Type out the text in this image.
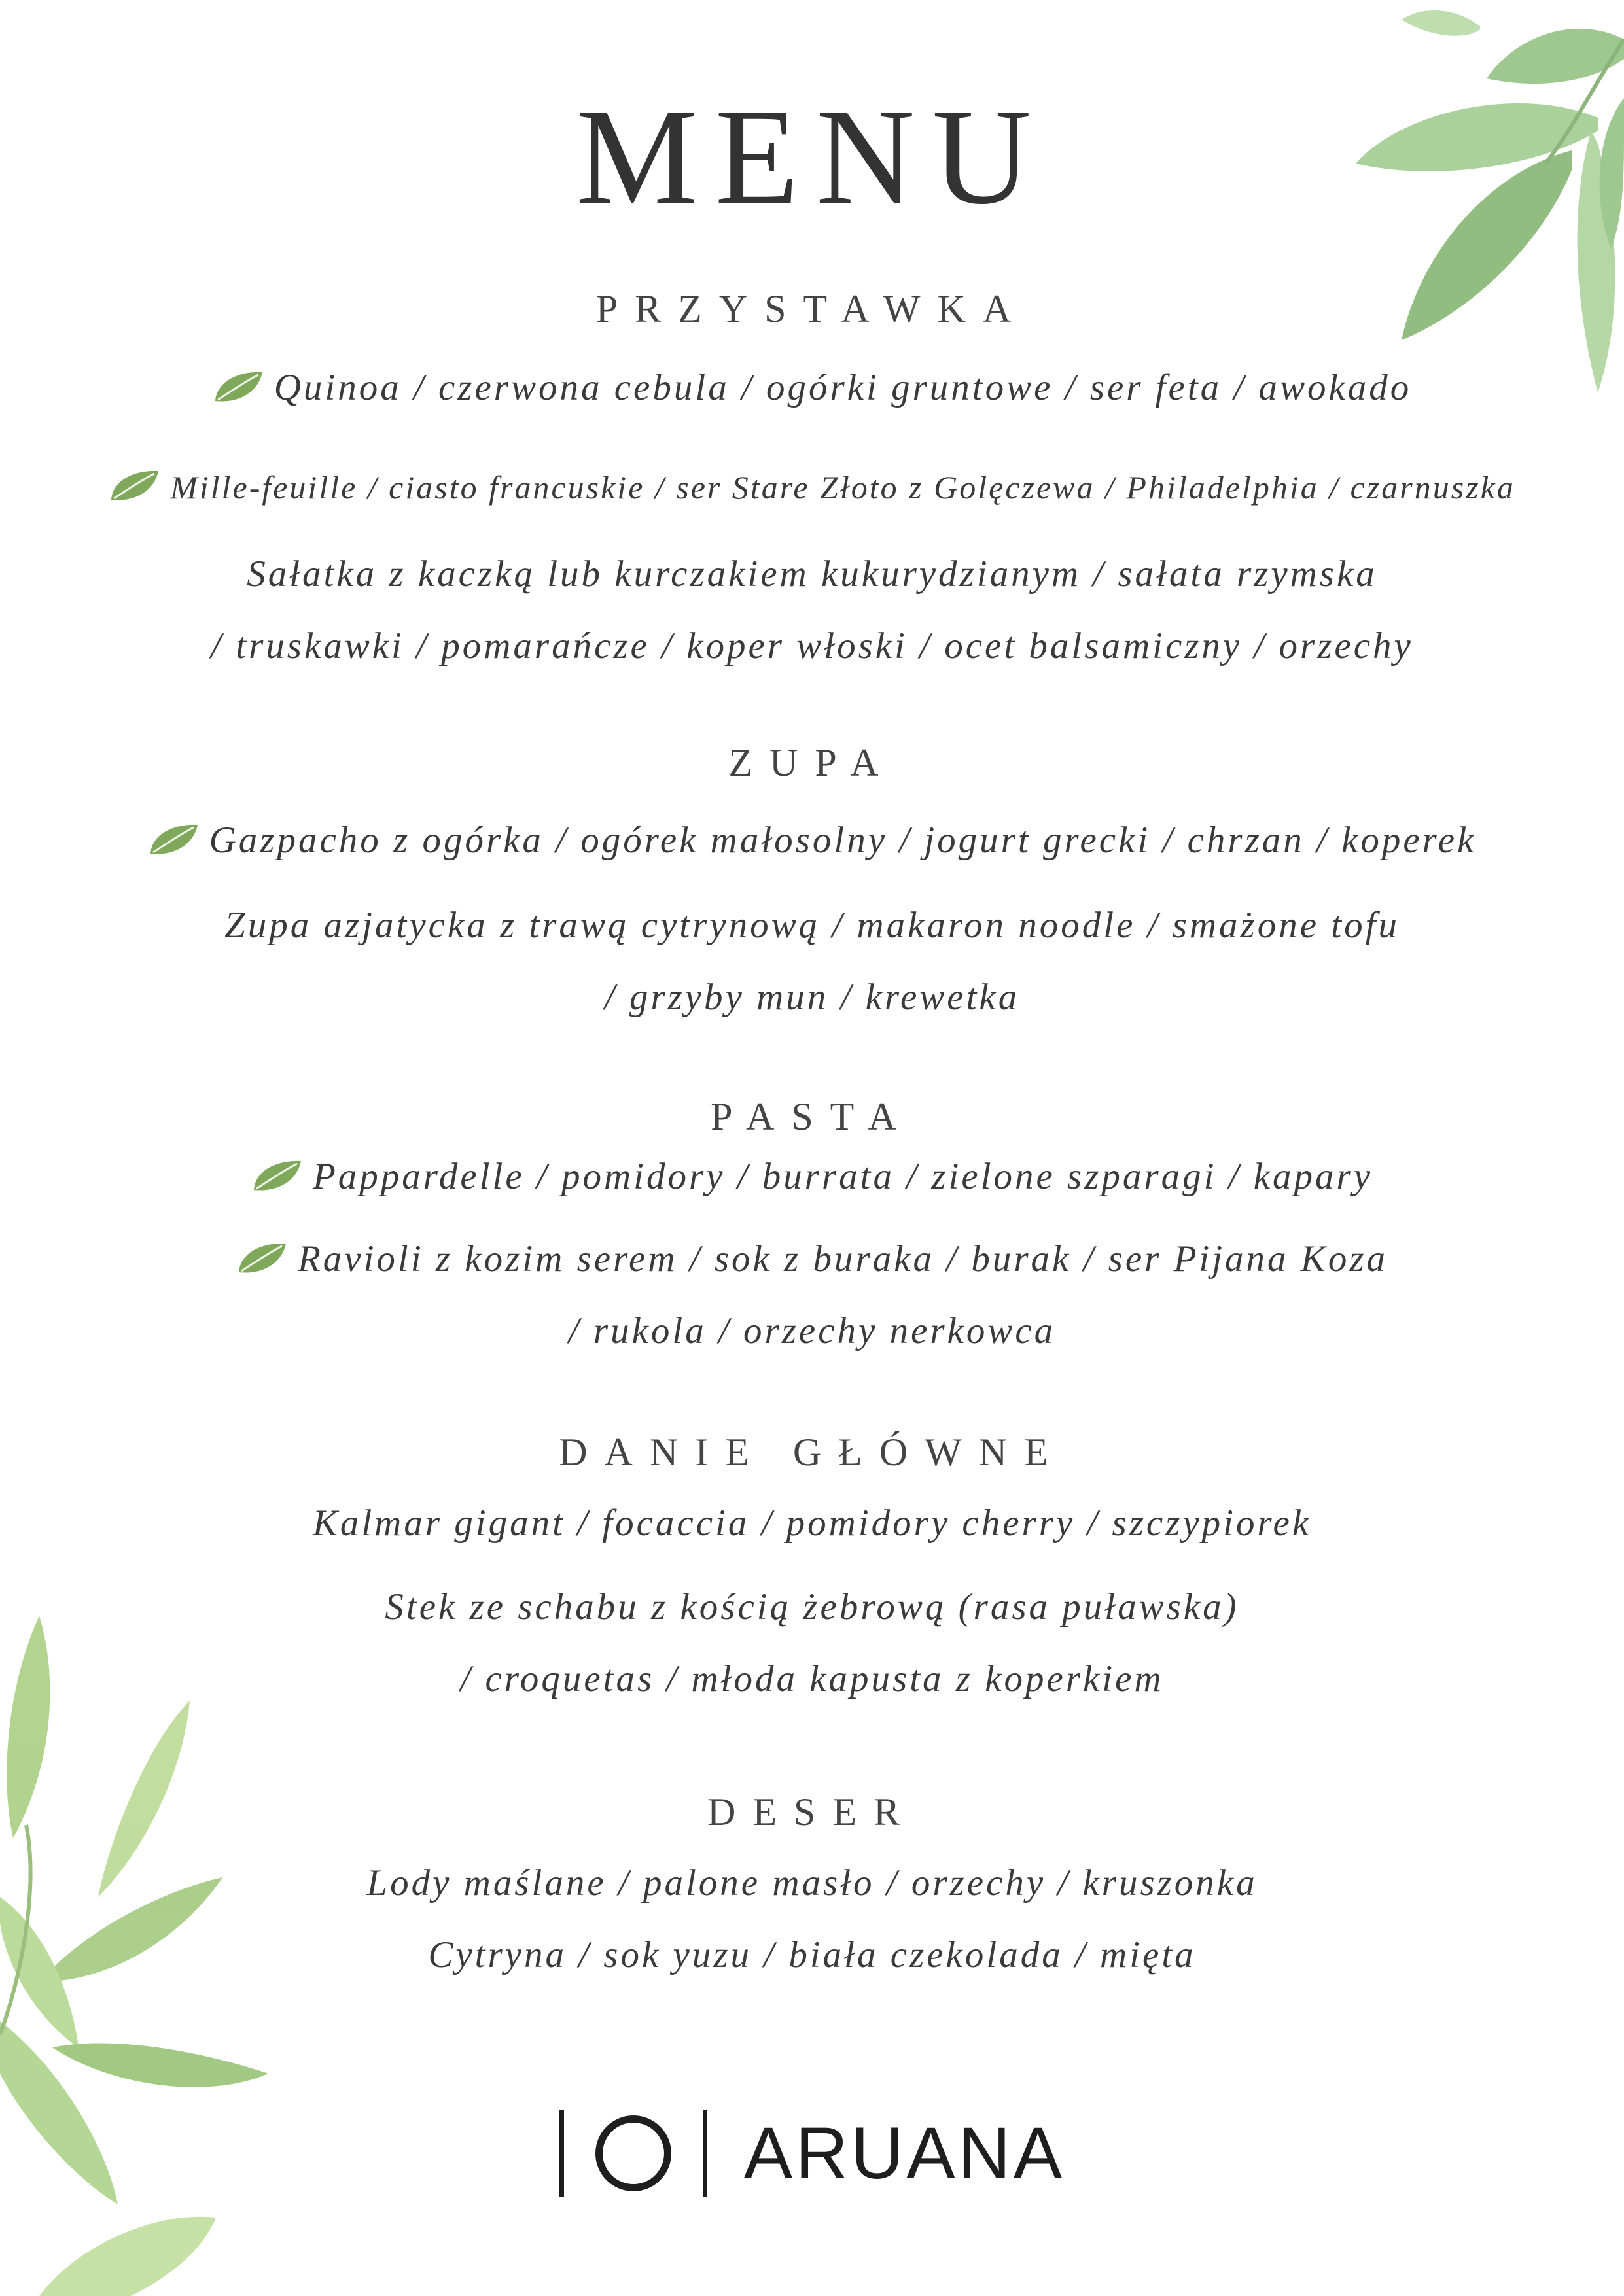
MENU
PRZYSTAWKA
Quinoa / czerwona cebula / ogórki gruntowe / ser feta / awokado
Mille-feuille / ciasto francuskie / ser Stare Złoto z Golęczewa / Philadelphia / czarnuszka
Sałatka z kaczką lub kurczakiem kukurydzianym / sałata rzymska
/ truskawki / pomarańcze / koper włoski / ocet balsamiczny / orzechy
ZUPA
Gazpacho z ogórka / ogórek małosolny / jogurt grecki / chrzan / koperek
Zupa azjatycka z trawą cytrynową / makaron noodle / smażone tofu
/ grzyby mun / krewetka
PASTA
Pappardelle / pomidory / burrata / zielone szparagi / kapary
Ravioli z kozim serem / sok z buraka / burak / ser Pijana Koza
/ rukola / orzechy nerkowca
DANIE GŁÓWNE
Kalmar gigant / focaccia / pomidory cherry / szczypiorek
Stek ze schabu z kością żebrową (rasa puławska)
/ croquetas / młoda kapusta z koperkiem
DESER
Lody maślane / palone masło / orzechy / kruszonka
Cytryna / sok yuzu / biała czekolada / mięta
ARUANA
